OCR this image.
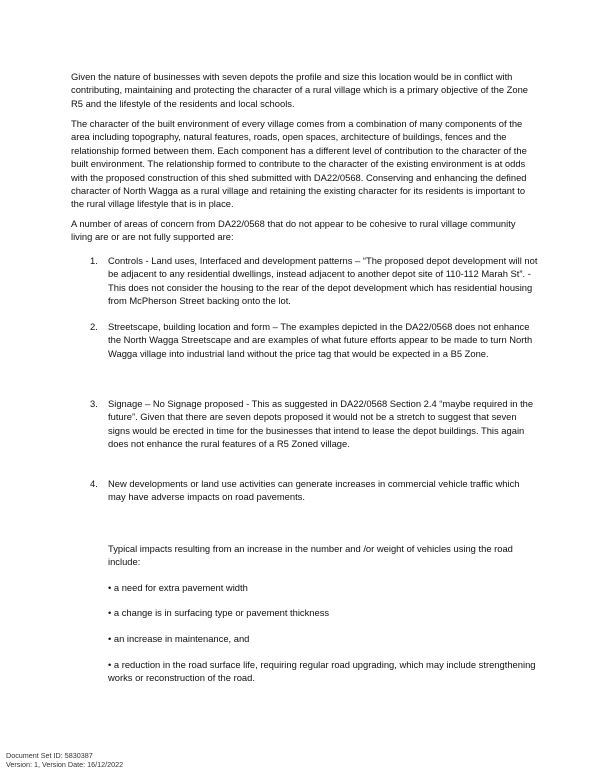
Given the nature of businesses with seven depots the profile and size this location would be in conflict with contributing, maintaining and protecting the character of a rural village which is a primary objective of the Zone R5 and the lifestyle of the residents and local schools.

The character of the built environment of every village comes from a combination of many components of the area including topography, natural features, roads, open spaces, architecture of buildings, fences and the relationship formed between them. Each component has a different level of contribution to the character of the built environment. The relationship formed to contribute to the character of the existing environment is at odds with the proposed construction of this shed submitted with DA22/0568. Conserving and enhancing the defined character of North Wagga as a rural village and retaining the existing character for its residents is important to the rural village lifestyle that is in place.

A number of areas of concern from DA22/0568 that do not appear to be cohesive to rural village community living are or are not fully supported are:

1. Controls - Land uses, Interfaced and development patterns – “The proposed depot development will not be adjacent to any residential dwellings, instead adjacent to another depot site of 110-112 Marah St”. - This does not consider the housing to the rear of the depot development which has residential housing from McPherson Street backing onto the lot.
2. Streetscape, building location and form – The examples depicted in the DA22/0568 does not enhance the North Wagga Streetscape and are examples of what future efforts appear to be made to turn North Wagga village into industrial land without the price tag that would be expected in a B5 Zone.
3. Signage – No Signage proposed - This as suggested in DA22/0568 Section 2.4 “maybe required in the future”. Given that there are seven depots proposed it would not be a stretch to suggest that seven signs would be erected in time for the businesses that intend to lease the depot buildings. This again does not enhance the rural features of a R5 Zoned village.
4. New developments or land use activities can generate increases in commercial vehicle traffic which may have adverse impacts on road pavements.

Typical impacts resulting from an increase in the number and /or weight of vehicles using the road include:

• a need for extra pavement width

• a change is in surfacing type or pavement thickness

• an increase in maintenance, and

• a reduction in the road surface life, requiring regular road upgrading, which may include strengthening works or reconstruction of the road.

Document Set ID: 5830387
Version: 1, Version Date: 16/12/2022
